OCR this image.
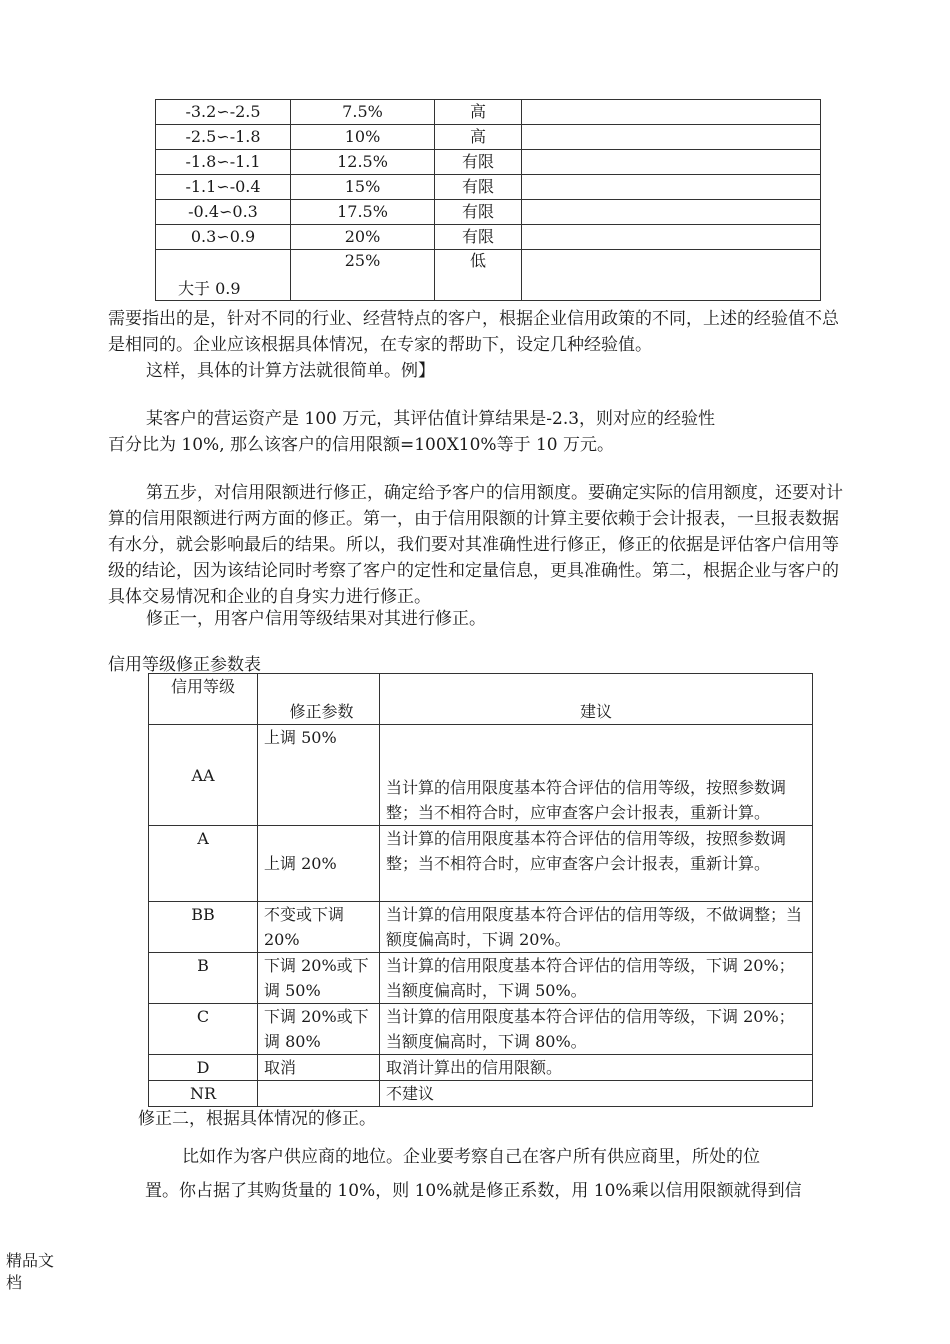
-3.2∽-2.5	7.5%	高	
-2.5∽-1.8	10%	高	
-1.8∽-1.1	12.5%	有限	
-1.1∽-0.4	15%	有限	
-0.4∽0.3	17.5%	有限	
0.3∽0.9	20%	有限	
大于 0.9	25%	低	
需要指出的是，针对不同的行业、经营特点的客户，根据企业信用政策的不同，上述的经验值不总是相同的。企业应该根据具体情况，在专家的帮助下，设定几种经验值。
这样，具体的计算方法就很简单。例】
某客户的营运资产是 100 万元，其评估值计算结果是-2.3，则对应的经验性
百分比为 10%, 那么该客户的信用限额=100X10%等于 10 万元。
第五步，对信用限额进行修正，确定给予客户的信用额度。要确定实际的信用额度，还要对计算的信用限额进行两方面的修正。第一，由于信用限额的计算主要依赖于会计报表，一旦报表数据有水分，就会影响最后的结果。所以，我们要对其准确性进行修正，修正的依据是评估客户信用等级的结论，因为该结论同时考察了客户的定性和定量信息，更具准确性。第二，根据企业与客户的具体交易情况和企业的自身实力进行修正。
修正一，用客户信用等级结果对其进行修正。
信用等级修正参数表
信用等级	修正参数	建议
AA	上调 50%	当计算的信用限度基本符合评估的信用等级，按照参数调整；当不相符合时，应审查客户会计报表，重新计算。
A	上调 20%	当计算的信用限度基本符合评估的信用等级，按照参数调整；当不相符合时，应审查客户会计报表，重新计算。
BB	不变或下调 20%	当计算的信用限度基本符合评估的信用等级，不做调整；当额度偏高时，下调 20%。
B	下调 20%或下调 50%	当计算的信用限度基本符合评估的信用等级，下调 20%；当额度偏高时，下调 50%。
C	下调 20%或下调 80%	当计算的信用限度基本符合评估的信用等级，下调 20%；当额度偏高时，下调 80%。
D	取消	取消计算出的信用限额。
NR		不建议
修正二，根据具体情况的修正。
比如作为客户供应商的地位。企业要考察自己在客户所有供应商里，所处的位
置。你占据了其购货量的 10%，则 10%就是修正系数，用 10%乘以信用限额就得到信
精品文档
